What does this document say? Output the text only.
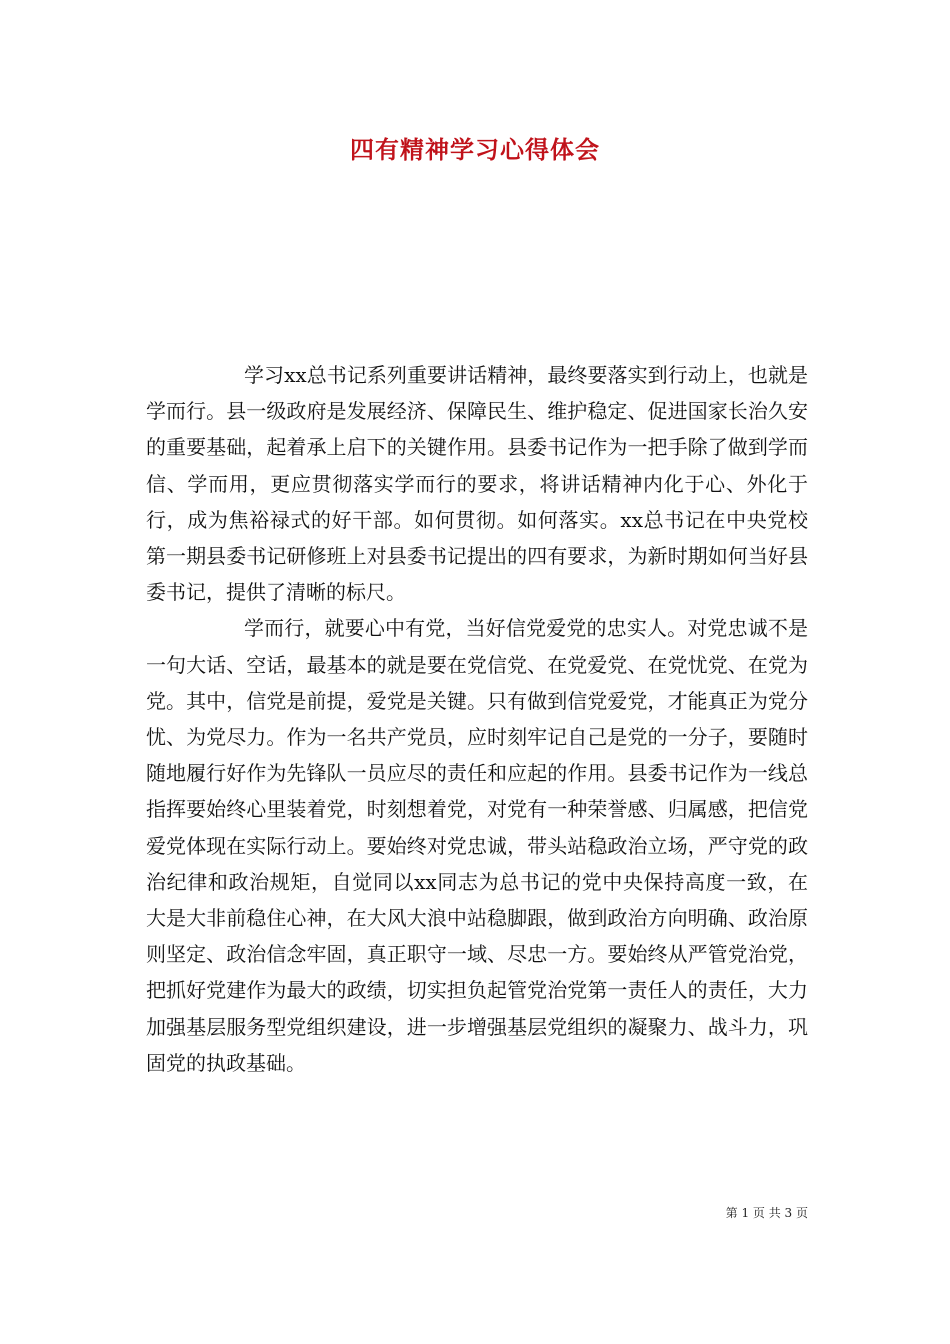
四有精神学习心得体会

学习xx总书记系列重要讲话精神，最终要落实到行动上，也就是学而行。县一级政府是发展经济、保障民生、维护稳定、促进国家长治久安的重要基础，起着承上启下的关键作用。县委书记作为一把手除了做到学而信、学而用，更应贯彻落实学而行的要求，将讲话精神内化于心、外化于行，成为焦裕禄式的好干部。如何贯彻。如何落实。xx总书记在中央党校第一期县委书记研修班上对县委书记提出的四有要求，为新时期如何当好县委书记，提供了清晰的标尺。

学而行，就要心中有党，当好信党爱党的忠实人。对党忠诚不是一句大话、空话，最基本的就是要在党信党、在党爱党、在党忧党、在党为党。其中，信党是前提，爱党是关键。只有做到信党爱党，才能真正为党分忧、为党尽力。作为一名共产党员，应时刻牢记自己是党的一分子，要随时随地履行好作为先锋队一员应尽的责任和应起的作用。县委书记作为一线总指挥要始终心里装着党，时刻想着党，对党有一种荣誉感、归属感，把信党爱党体现在实际行动上。要始终对党忠诚，带头站稳政治立场，严守党的政治纪律和政治规矩，自觉同以xx同志为总书记的党中央保持高度一致，在大是大非前稳住心神，在大风大浪中站稳脚跟，做到政治方向明确、政治原则坚定、政治信念牢固，真正职守一域、尽忠一方。要始终从严管党治党，把抓好党建作为最大的政绩，切实担负起管党治党第一责任人的责任，大力加强基层服务型党组织建设，进一步增强基层党组织的凝聚力、战斗力，巩固党的执政基础。

第 1 页 共 3 页
